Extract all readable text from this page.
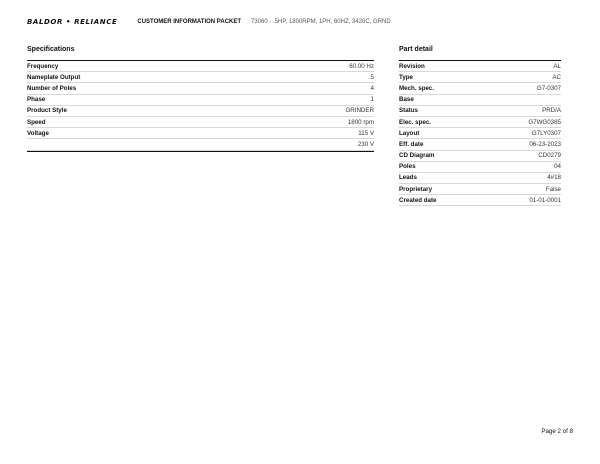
BALDOR • RELIANCE	CUSTOMER INFORMATION PACKET 73060 - .5HP, 1800RPM, 1PH, 60HZ, 3420C, GRND
Specifications
Frequency	60.00 Hz
Nameplate Output	.5
Number of Poles	4
Phase	1
Product Style	GRINDER
Speed	1800 rpm
Voltage	115 V
	230 V
Part detail
Revision	AL
Type	AC
Mech. spec.	G7-0307
Base	
Status	PRD/A
Elec. spec.	G7WG0385
Layout	G7LY0307
Eff. date	06-23-2023
CD Diagram	CD0279
Poles	04
Leads	4#18
Proprietary	False
Created date	01-01-0001
Page 2 of 8
